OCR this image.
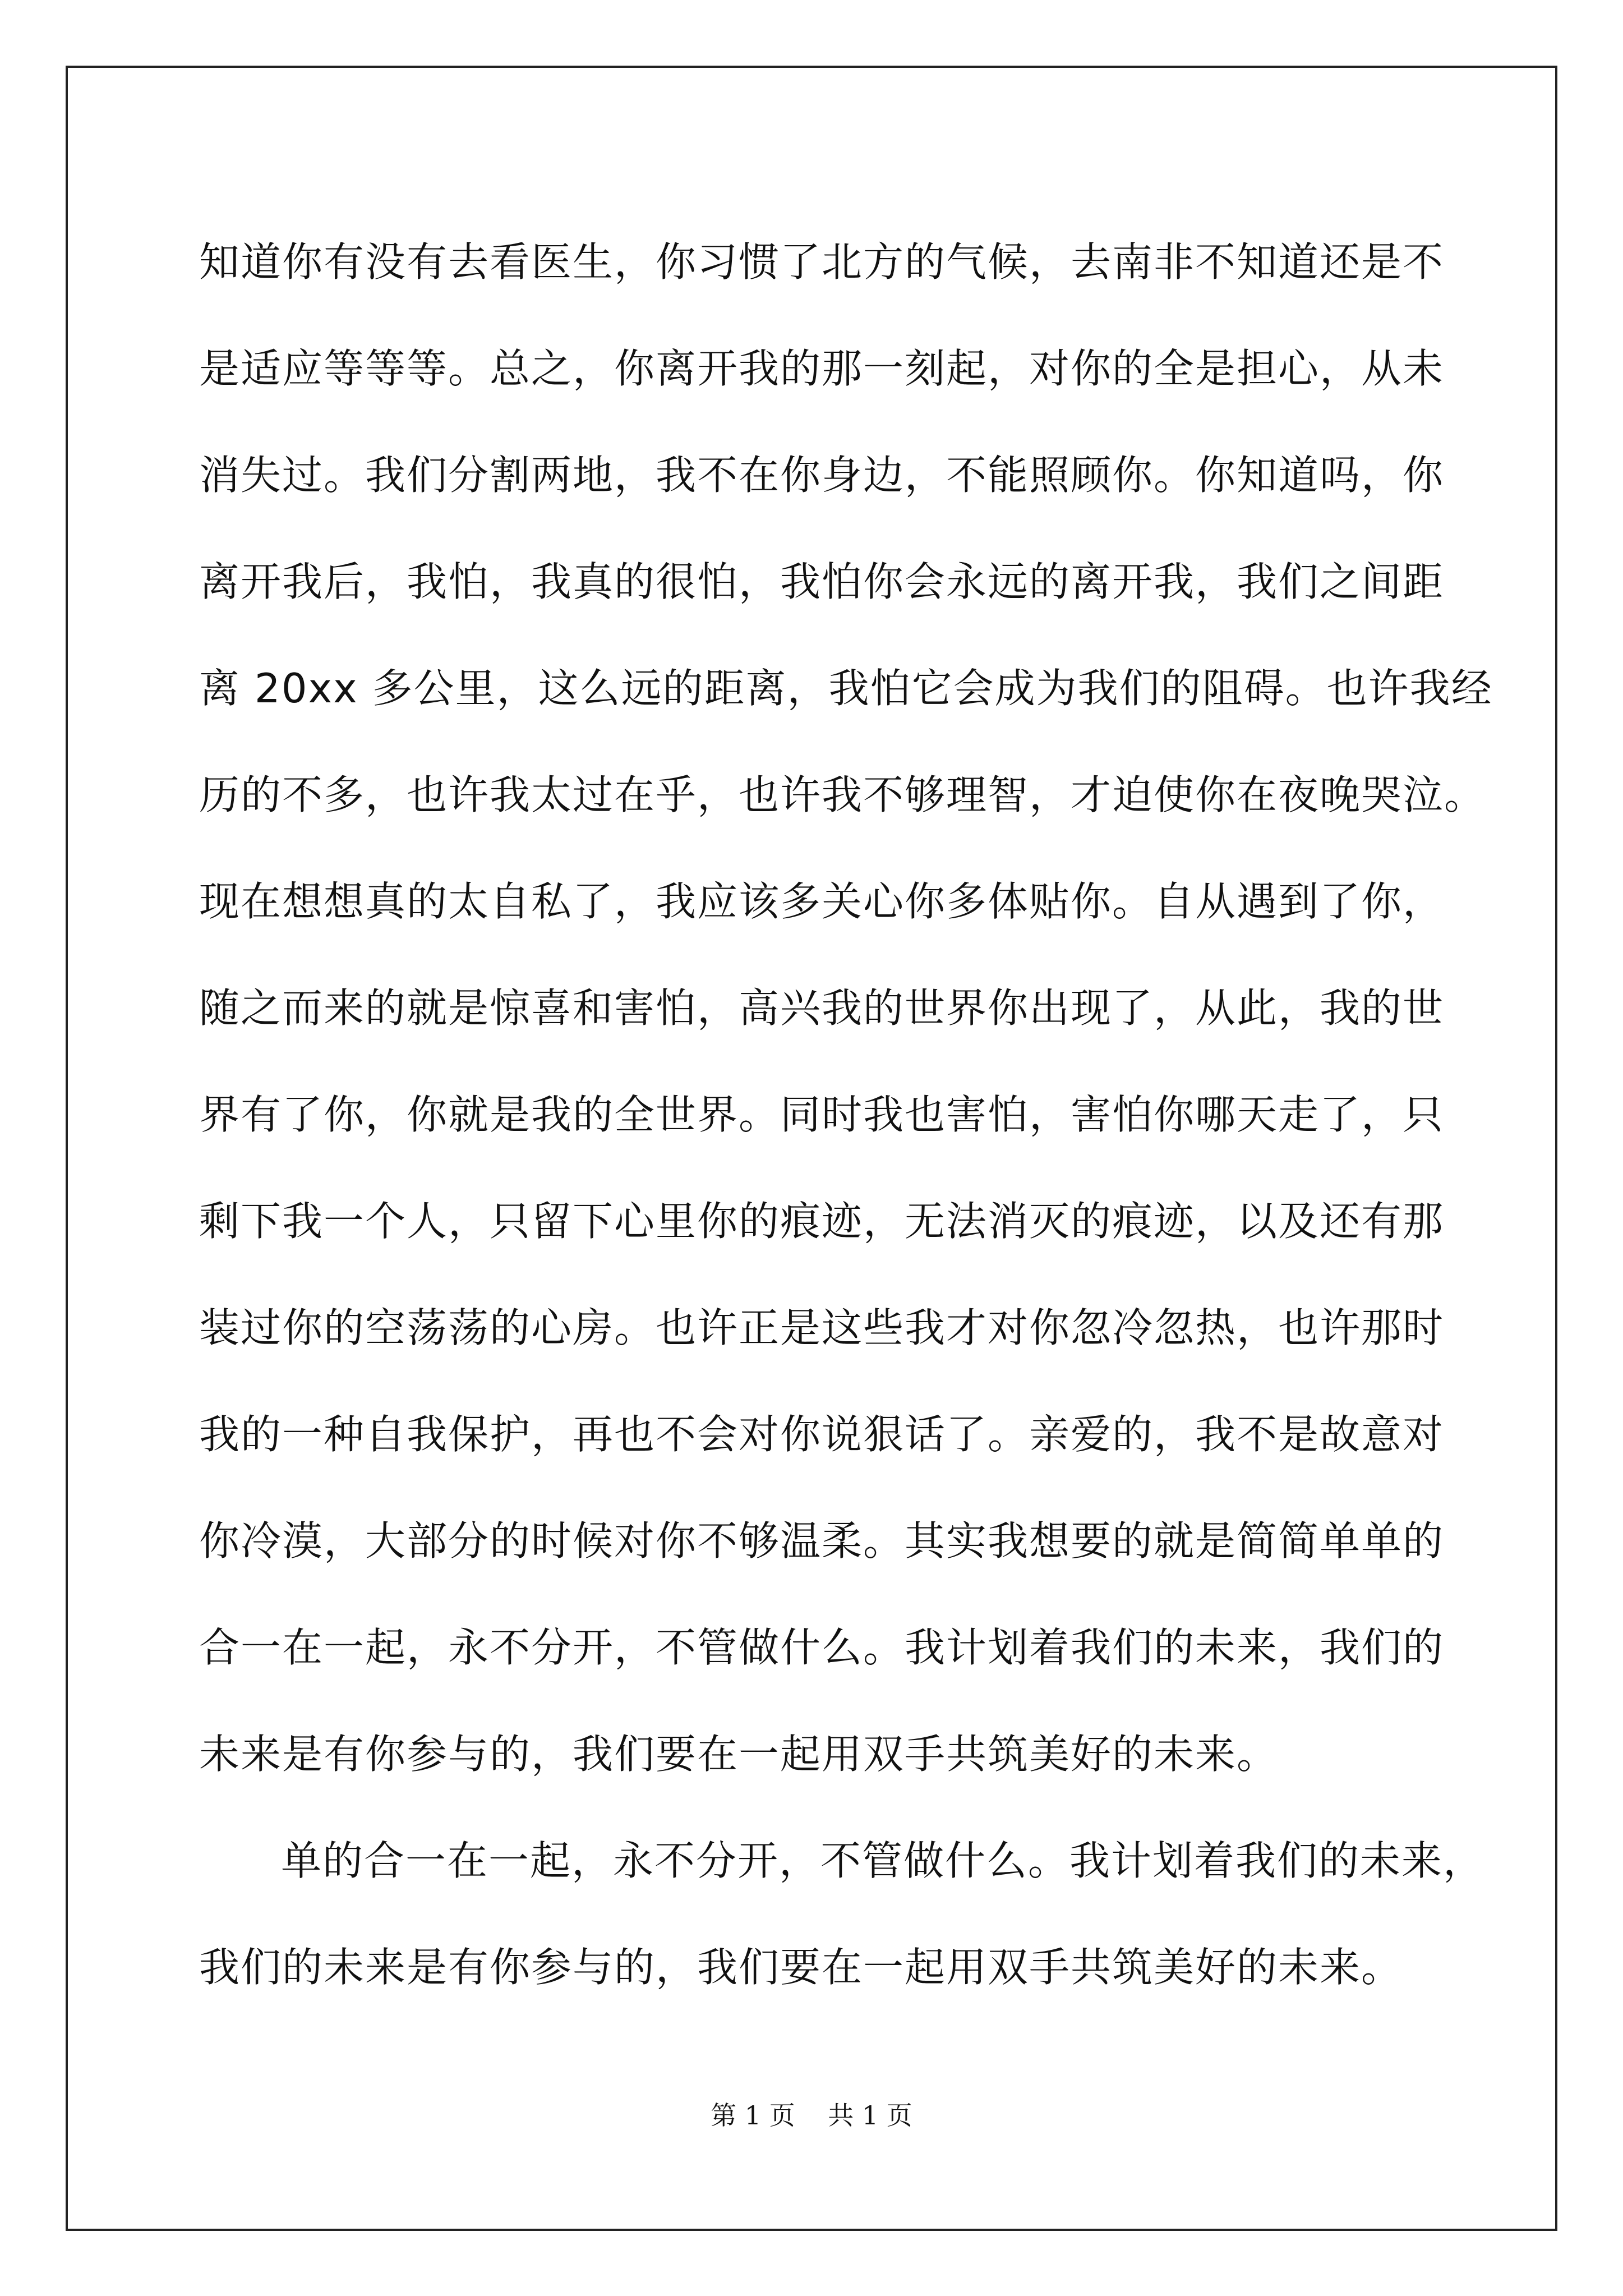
知道你有没有去看医生，你习惯了北方的气候，去南非不知道还是不
是适应等等等。总之，你离开我的那一刻起，对你的全是担心，从未
消失过。我们分割两地，我不在你身边，不能照顾你。你知道吗，你
离开我后，我怕，我真的很怕，我怕你会永远的离开我，我们之间距
离 20xx 多公里，这么远的距离，我怕它会成为我们的阻碍。也许我经
历的不多，也许我太过在乎，也许我不够理智，才迫使你在夜晚哭泣。
现在想想真的太自私了，我应该多关心你多体贴你。自从遇到了你，
随之而来的就是惊喜和害怕，高兴我的世界你出现了，从此，我的世
界有了你，你就是我的全世界。同时我也害怕，害怕你哪天走了，只
剩下我一个人，只留下心里你的痕迹，无法消灭的痕迹，以及还有那
装过你的空荡荡的心房。也许正是这些我才对你忽冷忽热，也许那时
我的一种自我保护，再也不会对你说狠话了。亲爱的，我不是故意对
你冷漠，大部分的时候对你不够温柔。其实我想要的就是简简单单的
合一在一起，永不分开，不管做什么。我计划着我们的未来，我们的
未来是有你参与的，我们要在一起用双手共筑美好的未来。
单的合一在一起，永不分开，不管做什么。我计划着我们的未来，
我们的未来是有你参与的，我们要在一起用双手共筑美好的未来。
第 1 页 共 1 页
